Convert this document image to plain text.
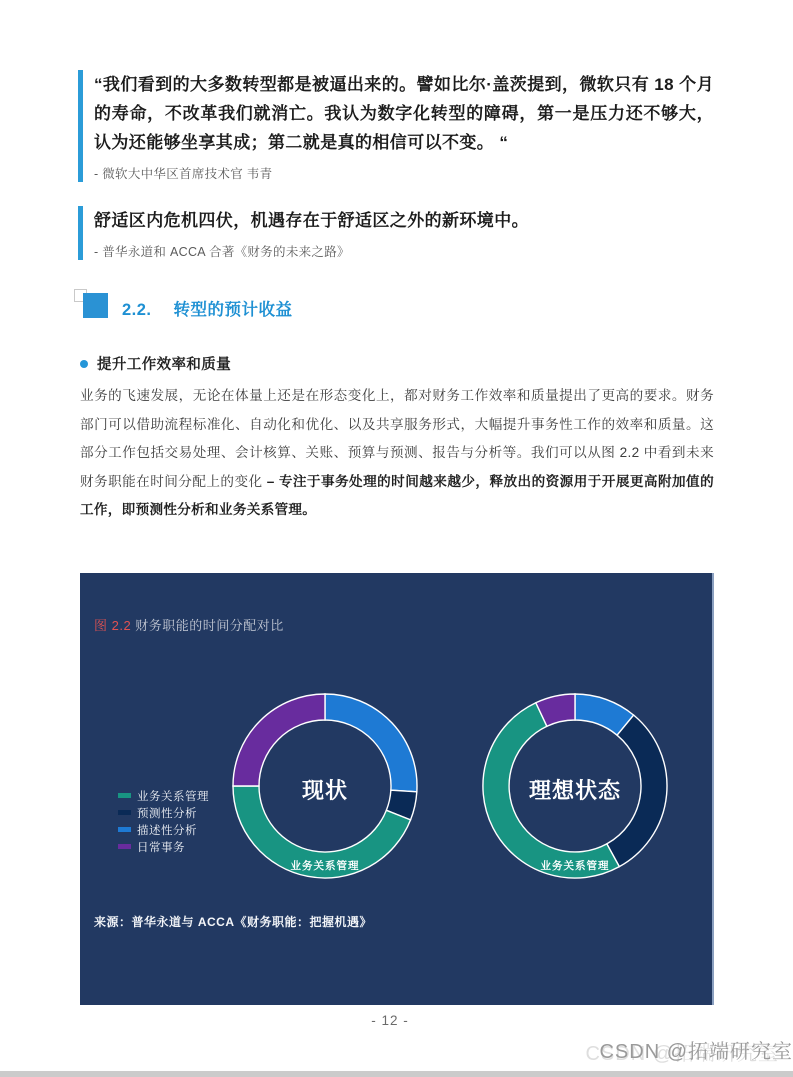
“我们看到的大多数转型都是被逼出来的。譬如比尔·盖茨提到，微软只有 18 个月的寿命，不改革我们就消亡。我认为数字化转型的障碍，第一是压力还不够大，认为还能够坐享其成；第二就是真的相信可以不变。 “
- 微软大中华区首席技术官 韦青
舒适区内危机四伏，机遇存在于舒适区之外的新环境中。
- 普华永道和 ACCA 合著《财务的未来之路》
2.2. 转型的预计收益
提升工作效率和质量
业务的飞速发展，无论在体量上还是在形态变化上，都对财务工作效率和质量提出了更高的要求。财务部门可以借助流程标准化、自动化和优化、以及共享服务形式，大幅提升事务性工作的效率和质量。这部分工作包括交易处理、会计核算、关账、预算与预测、报告与分析等。我们可以从图 2.2 中看到未来财务职能在时间分配上的变化 – 专注于事务处理的时间越来越少，释放出的资源用于开展更高附加值的工作，即预测性分析和业务关系管理。
图 2.2 财务职能的时间分配对比
业务关系管理
预测性分析
描述性分析
日常事务
现状
业务关系管理
理想状态
业务关系管理
来源：普华永道与 ACCA《财务职能：把握机遇》
- 12 -
CSDN @拓端研究室
